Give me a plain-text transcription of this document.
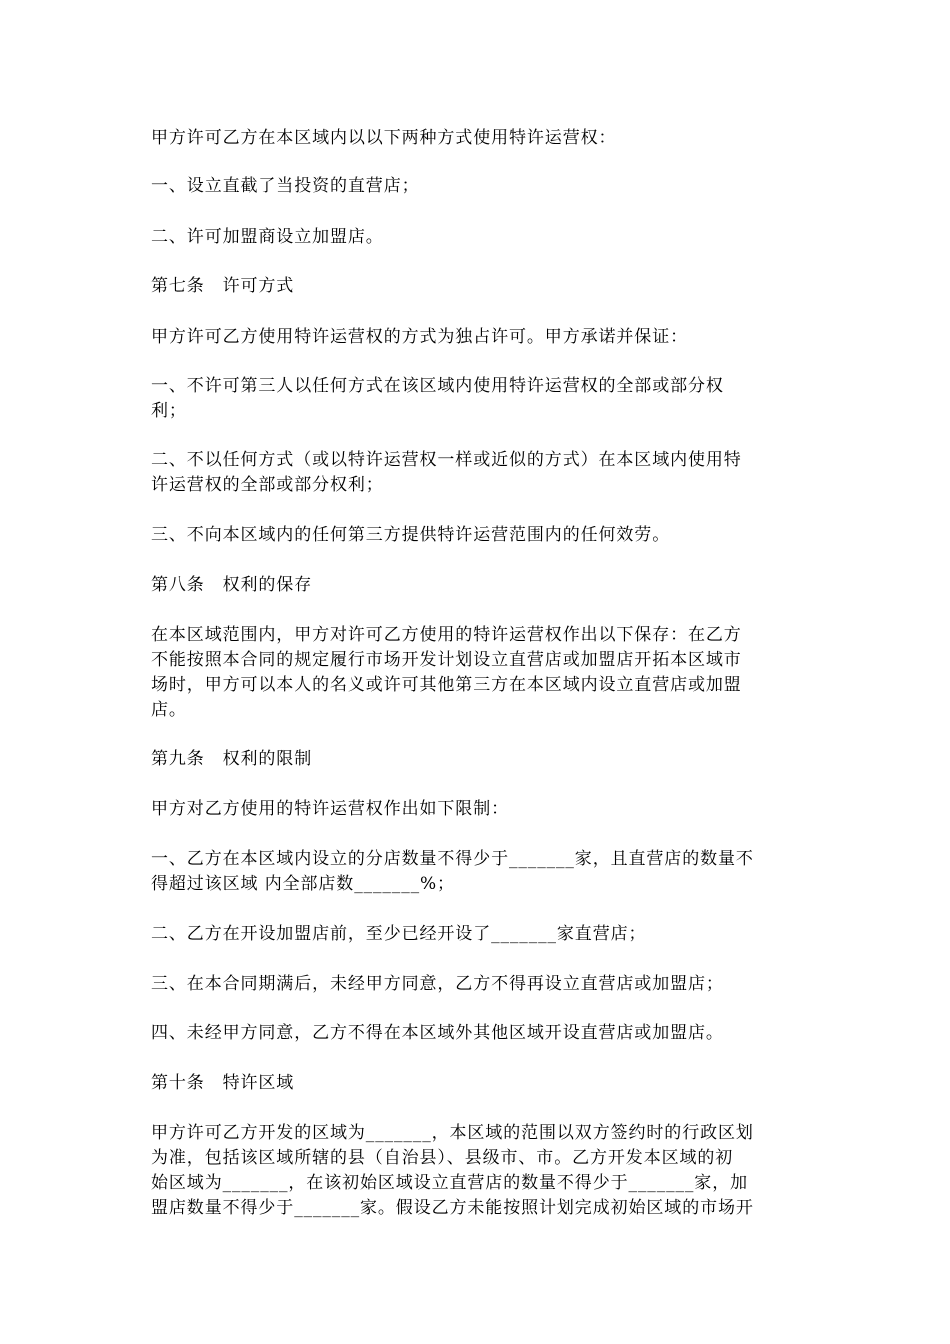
甲方许可乙方在本区域内以以下两种方式使用特许运营权：

一、设立直截了当投资的直营店；

二、许可加盟商设立加盟店。

第七条　许可方式

甲方许可乙方使用特许运营权的方式为独占许可。甲方承诺并保证：

一、不许可第三人以任何方式在该区域内使用特许运营权的全部或部分权

利；

二、不以任何方式（或以特许运营权一样或近似的方式）在本区域内使用特

许运营权的全部或部分权利；

三、不向本区域内的任何第三方提供特许运营范围内的任何效劳。

第八条　权利的保存

在本区域范围内，甲方对许可乙方使用的特许运营权作出以下保存：在乙方

不能按照本合同的规定履行市场开发计划设立直营店或加盟店开拓本区域市

场时，甲方可以本人的名义或许可其他第三方在本区域内设立直营店或加盟

店。

第九条　权利的限制

甲方对乙方使用的特许运营权作出如下限制：

一、乙方在本区域内设立的分店数量不得少于_______家，且直营店的数量不

得超过该区域 内全部店数_______%；

二、乙方在开设加盟店前，至少已经开设了_______家直营店；

三、在本合同期满后，未经甲方同意，乙方不得再设立直营店或加盟店；

四、未经甲方同意，乙方不得在本区域外其他区域开设直营店或加盟店。

第十条　特许区域

甲方许可乙方开发的区域为_______，本区域的范围以双方签约时的行政区划

为准，包括该区域所辖的县（自治县）、县级市、市。乙方开发本区域的初

始区域为_______，在该初始区域设立直营店的数量不得少于_______家，加

盟店数量不得少于_______家。假设乙方未能按照计划完成初始区域的市场开
